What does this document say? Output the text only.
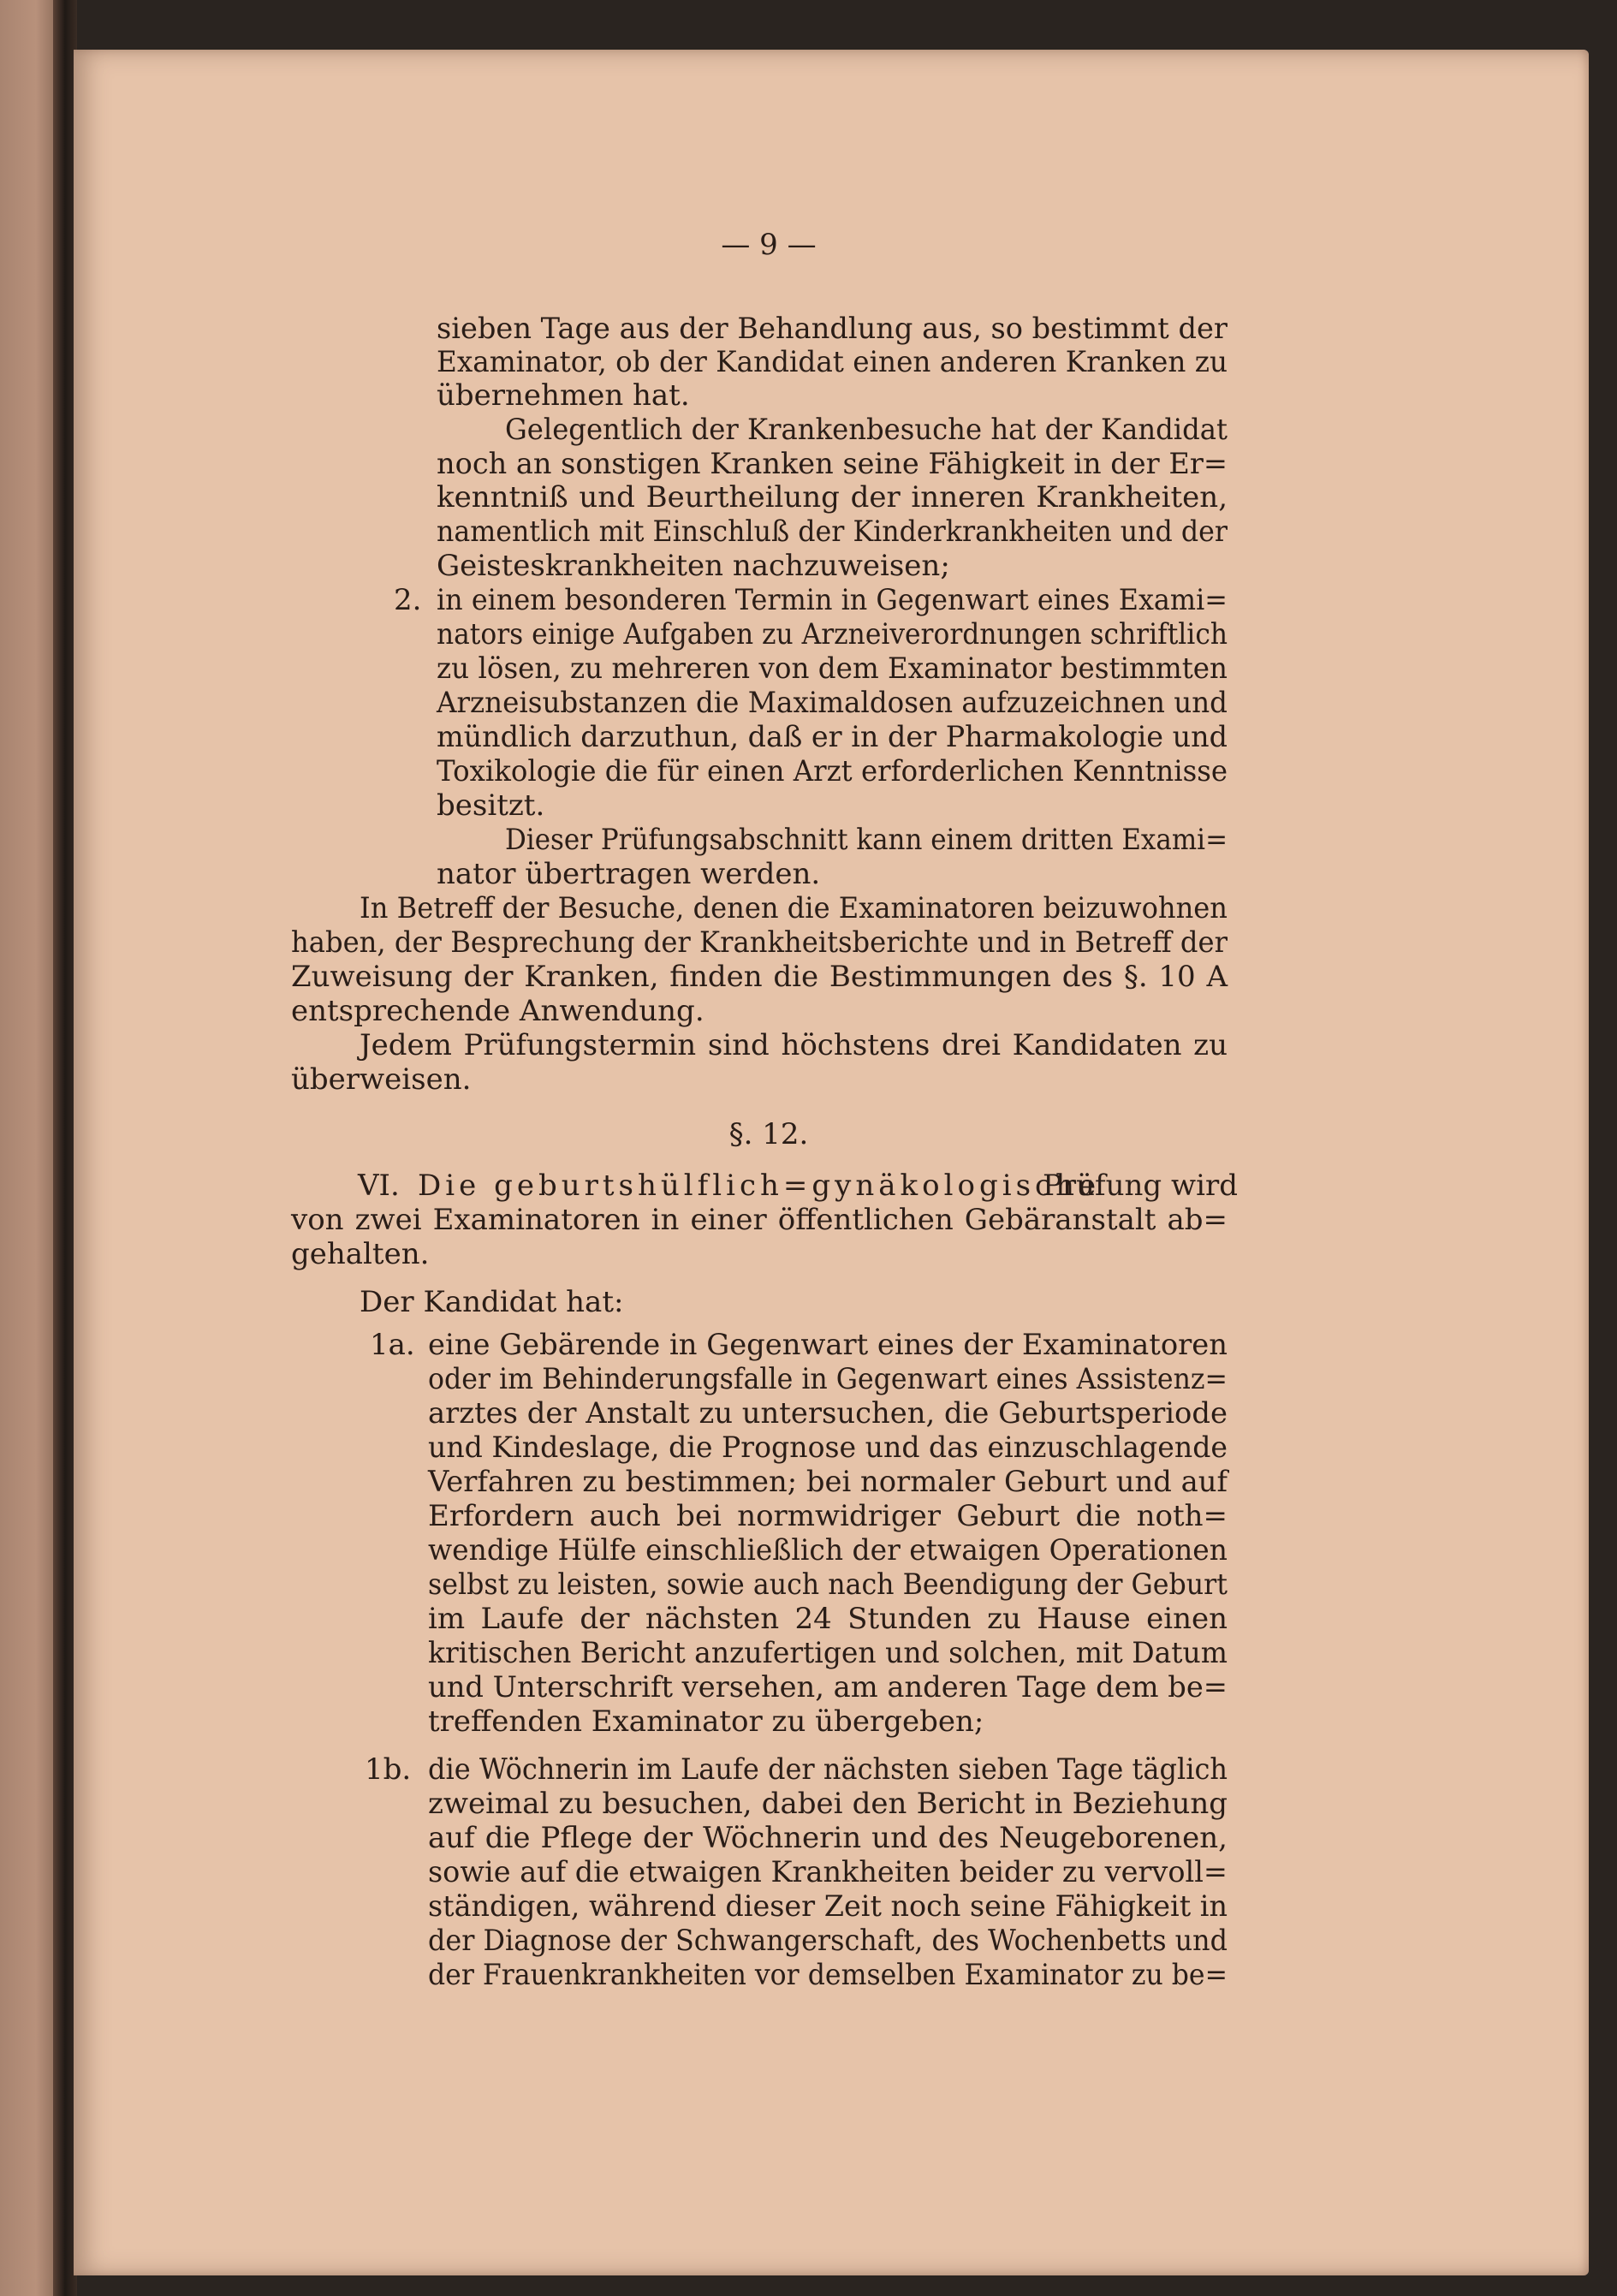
— 9 —
sieben Tage aus der Behandlung aus, so bestimmt der
Examinator, ob der Kandidat einen anderen Kranken zu
übernehmen hat.
Gelegentlich der Krankenbesuche hat der Kandidat
noch an sonstigen Kranken seine Fähigkeit in der Er=
kenntniß und Beurtheilung der inneren Krankheiten,
namentlich mit Einschluß der Kinderkrankheiten und der
Geisteskrankheiten nachzuweisen;
2. in einem besonderen Termin in Gegenwart eines Exami=
nators einige Aufgaben zu Arzneiverordnungen schriftlich
zu lösen, zu mehreren von dem Examinator bestimmten
Arzneisubstanzen die Maximaldosen aufzuzeichnen und
mündlich darzuthun, daß er in der Pharmakologie und
Toxikologie die für einen Arzt erforderlichen Kenntnisse
besitzt.
Dieser Prüfungsabschnitt kann einem dritten Exami=
nator übertragen werden.
In Betreff der Besuche, denen die Examinatoren beizuwohnen
haben, der Besprechung der Krankheitsberichte und in Betreff der
Zuweisung der Kranken, finden die Bestimmungen des §. 10 A
entsprechende Anwendung.
Jedem Prüfungstermin sind höchstens drei Kandidaten zu
überweisen.
§. 12.
VI. Die geburtshülflich=gynäkologische
Prüfung wird
von zwei Examinatoren in einer öffentlichen Gebäranstalt ab=
gehalten.
Der Kandidat hat:
1a. eine Gebärende in Gegenwart eines der Examinatoren
oder im Behinderungsfalle in Gegenwart eines Assistenz=
arztes der Anstalt zu untersuchen, die Geburtsperiode
und Kindeslage, die Prognose und das einzuschlagende
Verfahren zu bestimmen; bei normaler Geburt und auf
Erfordern auch bei normwidriger Geburt die noth=
wendige Hülfe einschließlich der etwaigen Operationen
selbst zu leisten, sowie auch nach Beendigung der Geburt
im Laufe der nächsten 24 Stunden zu Hause einen
kritischen Bericht anzufertigen und solchen, mit Datum
und Unterschrift versehen, am anderen Tage dem be=
treffenden Examinator zu übergeben;
1b. die Wöchnerin im Laufe der nächsten sieben Tage täglich
zweimal zu besuchen, dabei den Bericht in Beziehung
auf die Pflege der Wöchnerin und des Neugeborenen,
sowie auf die etwaigen Krankheiten beider zu vervoll=
ständigen, während dieser Zeit noch seine Fähigkeit in
der Diagnose der Schwangerschaft, des Wochenbetts und
der Frauenkrankheiten vor demselben Examinator zu be=
